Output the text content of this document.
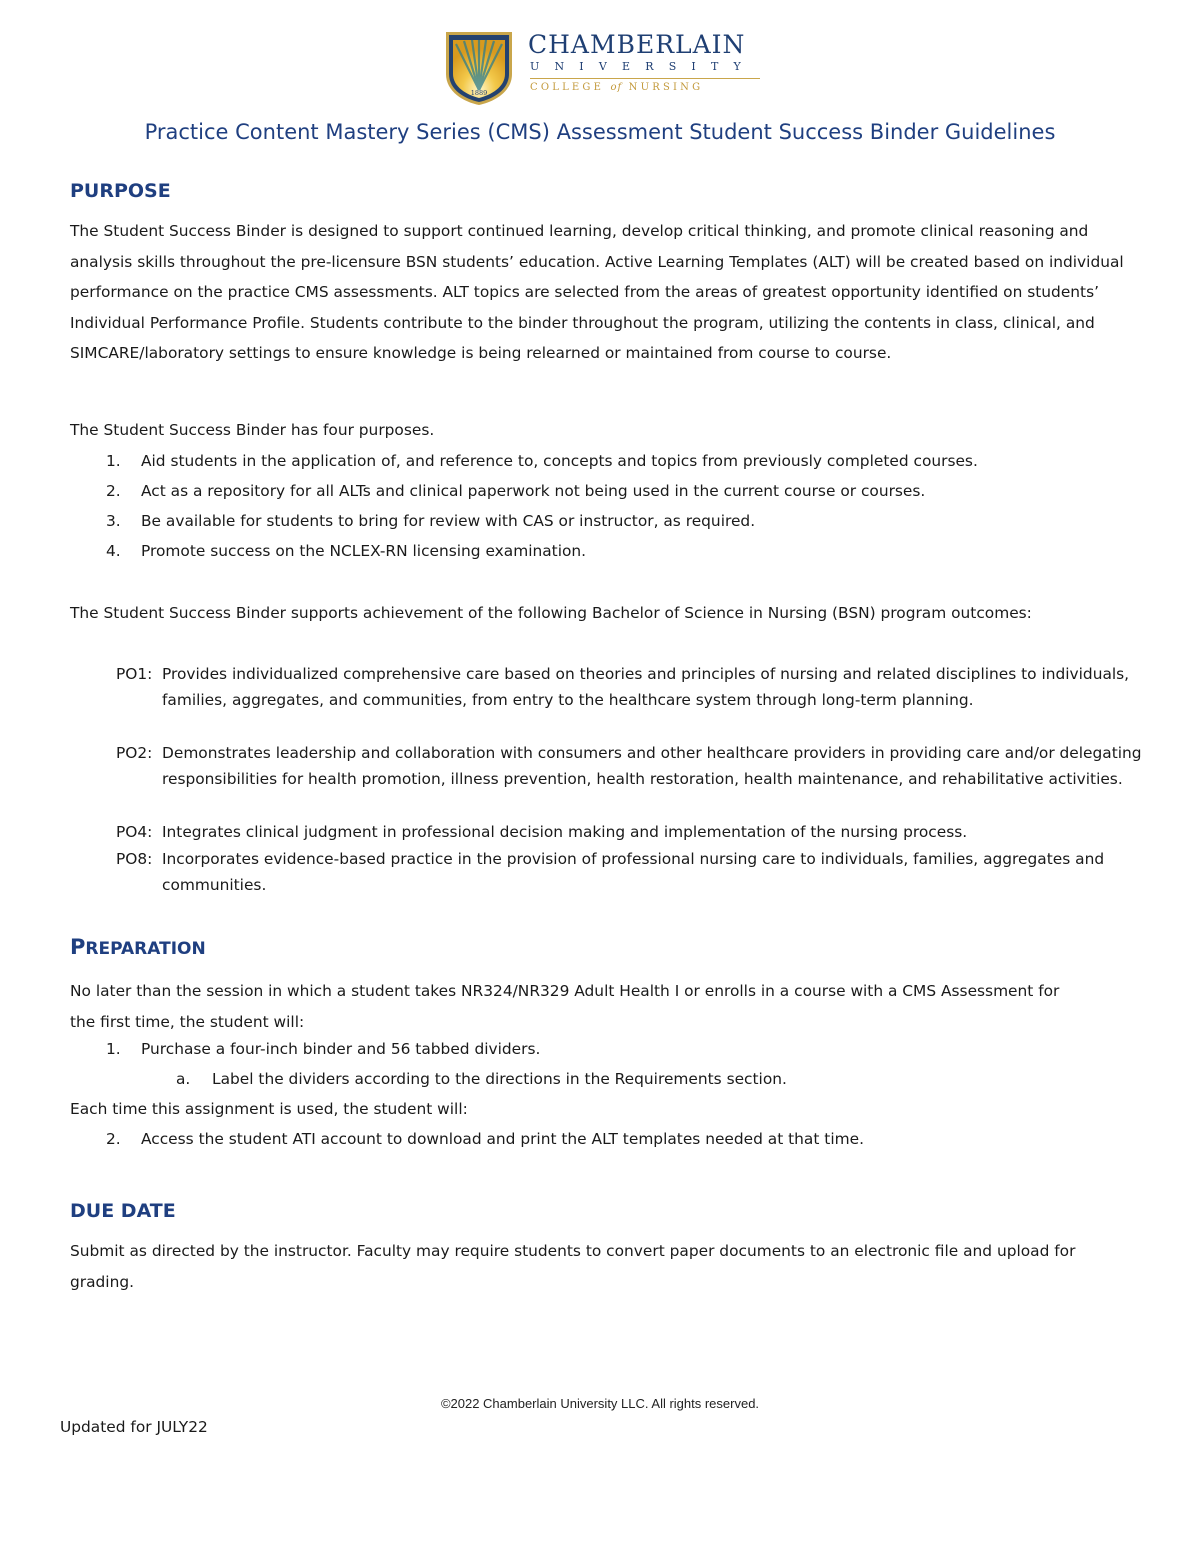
1889
CHAMBERLAIN
UNIVERSITY
COLLEGE of NURSING
Practice Content Mastery Series (CMS) Assessment Student Success Binder Guidelines
PURPOSE

The Student Success Binder is designed to support continued learning, develop critical thinking, and promote clinical reasoning and analysis skills throughout the pre-licensure BSN students’ education. Active Learning Templates (ALT) will be created based on individual performance on the practice CMS assessments. ALT topics are selected from the areas of greatest opportunity identified on students’ Individual Performance Profile. Students contribute to the binder throughout the program, utilizing the contents in class, clinical, and SIMCARE/laboratory settings to ensure knowledge is being relearned or maintained from course to course.

The Student Success Binder has four purposes.
1. Aid students in the application of, and reference to, concepts and topics from previously completed courses.
2. Act as a repository for all ALTs and clinical paperwork not being used in the current course or courses.
3. Be available for students to bring for review with CAS or instructor, as required.
4. Promote success on the NCLEX-RN licensing examination.

The Student Success Binder supports achievement of the following Bachelor of Science in Nursing (BSN) program outcomes:

PO1: Provides individualized comprehensive care based on theories and principles of nursing and related disciplines to individuals, families, aggregates, and communities, from entry to the healthcare system through long-term planning.
PO2: Demonstrates leadership and collaboration with consumers and other healthcare providers in providing care and/or delegating responsibilities for health promotion, illness prevention, health restoration, health maintenance, and rehabilitative activities.
PO4: Integrates clinical judgment in professional decision making and implementation of the nursing process.
PO8: Incorporates evidence-based practice in the provision of professional nursing care to individuals, families, aggregates and communities.
PREPARATION

No later than the session in which a student takes NR324/NR329 Adult Health I or enrolls in a course with a CMS Assessment for the first time, the student will:

1. Purchase a four-inch binder and 56 tabbed dividers.
a. Label the dividers according to the directions in the Requirements section.
Each time this assignment is used, the student will:
2. Access the student ATI account to download and print the ALT templates needed at that time.
DUE DATE

Submit as directed by the instructor. Faculty may require students to convert paper documents to an electronic file and upload for grading.

©2022 Chamberlain University LLC. All rights reserved.
Updated for JULY22
